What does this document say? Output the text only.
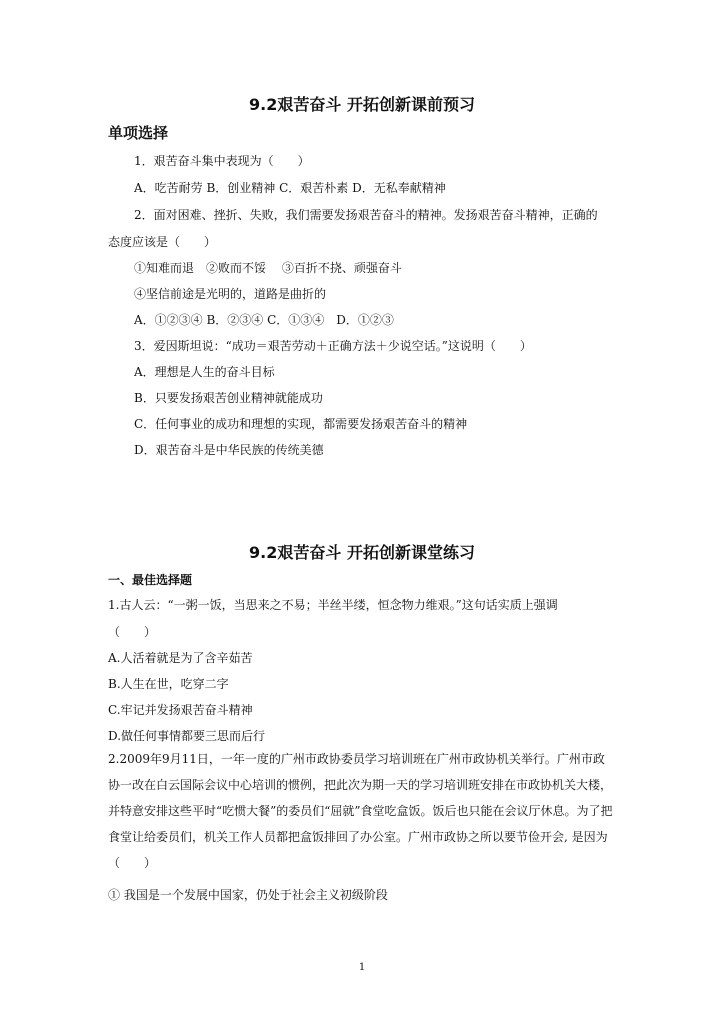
9.2艰苦奋斗 开拓创新课前预习
单项选择
1．艰苦奋斗集中表现为（　　）
A．吃苦耐劳 B．创业精神 C．艰苦朴素 D．无私奉献精神
2．面对困难、挫折、失败，我们需要发扬艰苦奋斗的精神。发扬艰苦奋斗精神，正确的
态度应该是（　　）
①知难而退　②败而不馁　 ③百折不挠、顽强奋斗
④坚信前途是光明的，道路是曲折的
A．①②③④ B．②③④ C．①③④　D．①②③
3．爱因斯坦说：“成功＝艰苦劳动＋正确方法＋少说空话。”这说明（　　）
A．理想是人生的奋斗目标
B．只要发扬艰苦创业精神就能成功
C．任何事业的成功和理想的实现，都需要发扬艰苦奋斗的精神
D．艰苦奋斗是中华民族的传统美德
9.2艰苦奋斗 开拓创新课堂练习
一、最佳选择题
1.古人云：“一粥一饭，当思来之不易；半丝半缕，恒念物力维艰。”这句话实质上强调
（　　）
A.人活着就是为了含辛茹苦
B.人生在世，吃穿二字
C.牢记并发扬艰苦奋斗精神
D.做任何事情都要三思而后行
2.2009年9月11日，一年一度的广州市政协委员学习培训班在广州市政协机关举行。广州市政协一改在白云国际会议中心培训的惯例，把此次为期一天的学习培训班安排在市政协机关大楼，并特意安排这些平时“吃惯大餐”的委员们“屈就”食堂吃盒饭。饭后也只能在会议厅休息。为了把食堂让给委员们，机关工作人员都把盒饭排回了办公室。广州市政协之所以要节俭开会, 是因为（　　）
① 我国是一个发展中国家，仍处于社会主义初级阶段
1
